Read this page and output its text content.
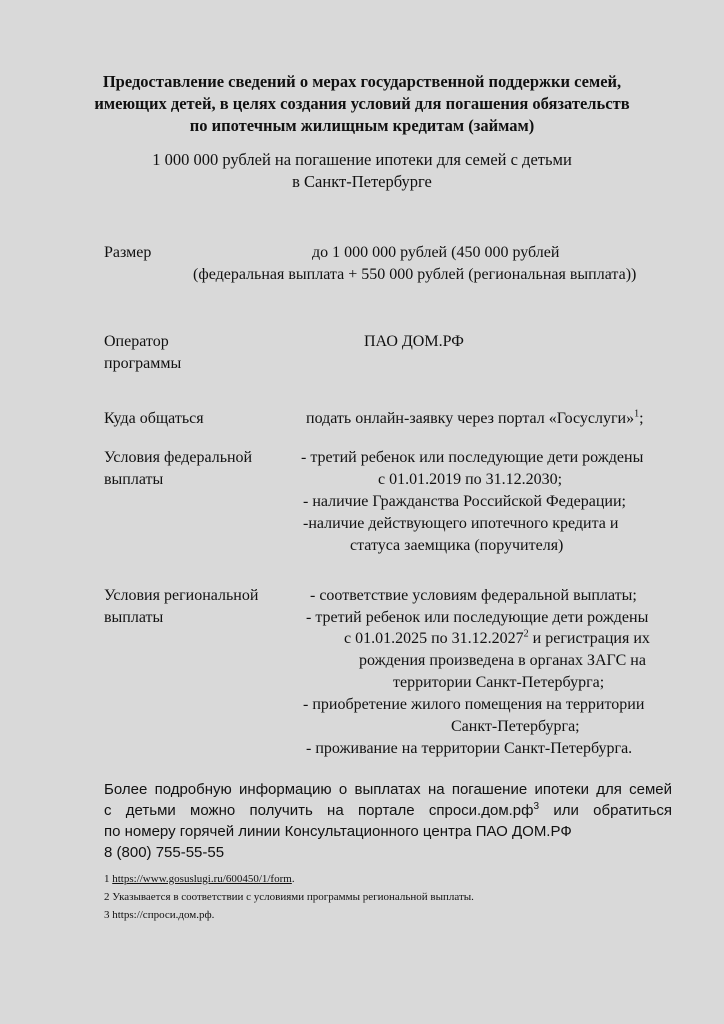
Предоставление сведений о мерах государственной поддержки семей,
имеющих детей, в целях создания условий для погашения обязательств
по ипотечным жилищным кредитам (займам)
1 000 000 рублей на погашение ипотеки для семей с детьми
в Санкт-Петербурге
Размер	до 1 000 000 рублей (450 000 рублей
(федеральная выплата + 550 000 рублей (региональная выплата))
Оператор
программы
ПАО ДОМ.РФ
Куда общаться	подать онлайн-заявку через портал «Госуслуги»$^1$;
Условия федеральной
выплаты
- третий ребенок или последующие дети рождены
с 01.01.2019 по 31.12.2030;
- наличие Гражданства Российской Федерации;
-наличие действующего ипотечного кредита и
статуса заемщика (поручителя)
Условия региональной
выплаты
- соответствие условиям федеральной выплаты;
- третий ребенок или последующие дети рождены
с 01.01.2025 по 31.12.2027$^2$ и регистрация их
рождения произведена в органах ЗАГС на
территории Санкт-Петербурга;
- приобретение жилого помещения на территории
Санкт-Петербурга;
- проживание на территории Санкт-Петербурга.
Более подробную информацию о выплатах на погашение ипотеки для семей
с детьми можно получить на портале $спроси.дом.рф^3$ или обратиться
по номеру горячей линии Консультационного центра ПАО ДОМ.РФ
8 (800) 755-55-55
1 https://www.gosuslugi.ru/600450/1/form.
2 Указывается в соответствии с условиями программы региональной выплаты.
3 https://спроси.дом.рф.
